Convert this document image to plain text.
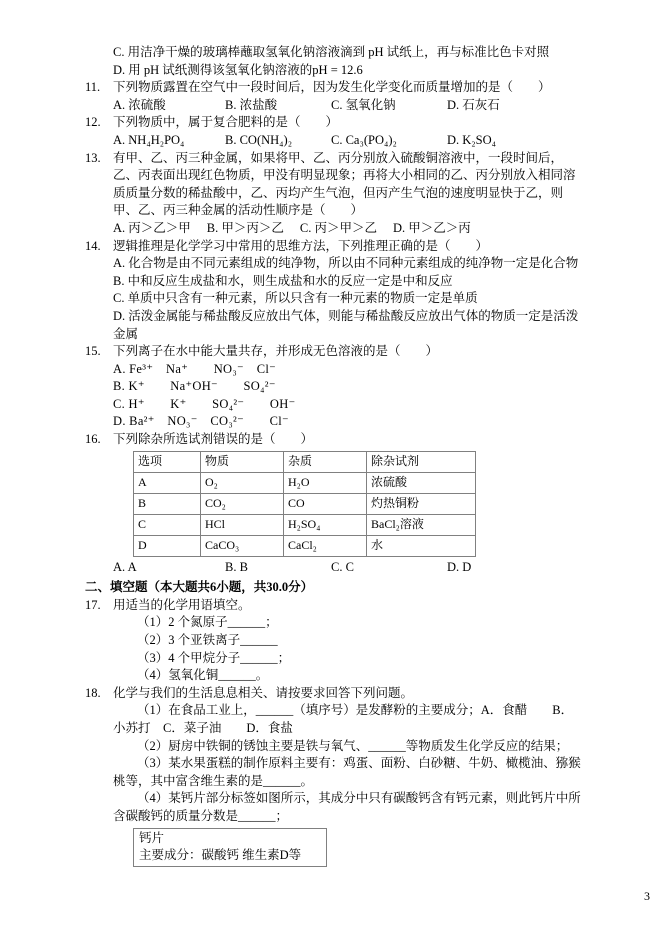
C. 用洁净干燥的玻璃棒蘸取氢氧化钠溶液滴到 pH 试纸上，再与标准比色卡对照
D. 用 pH 试纸测得该氢氧化钠溶液的pH = 12.6
11.	下列物质露置在空气中一段时间后，因为发生化学变化而质量增加的是（　　）
A. 浓硫酸	B. 浓盐酸	C. 氢氧化钠	D. 石灰石
12. 下列物质中，属于复合肥料的是（　　）
A. NH₄H₂PO₄	B. CO(NH₄)₂	C. Ca₃(PO₄)₂	D. K₂SO₄
13. 有甲、乙、丙三种金属，如果将甲、乙、丙分别放入硫酸铜溶液中，一段时间后，乙、丙表面出现红色物质，甲没有明显现象；再将大小相同的乙、丙分别放入相同溶质质量分数的稀盐酸中，乙、丙均产生气泡，但丙产生气泡的速度明显快于乙，则甲、乙、丙三种金属的活动性顺序是（　　）
A. 丙＞乙＞甲 B. 甲＞丙＞乙 C. 丙＞甲＞乙 D. 甲＞乙＞丙
14. 逻辑推理是化学学习中常用的思维方法，下列推理正确的是（　　）
A. 化合物是由不同元素组成的纯净物，所以由不同种元素组成的纯净物一定是化合物
B. 中和反应生成盐和水，则生成盐和水的反应一定是中和反应
C. 单质中只含有一种元素，所以只含有一种元素的物质一定是单质
D. 活泼金属能与稀盐酸反应放出气体，则能与稀盐酸反应放出气体的物质一定是活泼金属
15. 下列离子在水中能大量共存，并形成无色溶液的是（　　）
A. Fe³⁺　Na⁺　　NO₃⁻　Cl⁻
B. K⁺　　Na⁺OH⁻　　SO₄²⁻
C. H⁺　　K⁺　　SO₄²⁻　　OH⁻
D. Ba²⁺　NO₃⁻　CO₃²⁻　　Cl⁻
16. 下列除杂所选试剂错误的是（　　）
选项	物质	杂质	除杂试剂
A	O₂	H₂O	浓硫酸
B	CO₂	CO	灼热铜粉
C	HCl	H₂SO₄	BaCl₂溶液
D	CaCO₃	CaCl₂	水
A. A	B. B	C. C	D. D
二、填空题（本大题共6小题，共30.0分）
17. 用适当的化学用语填空。
（1）2 个氮原子______；
（2）3 个亚铁离子______
（3）4 个甲烷分子______；
（4）氢氧化铜______。
18. 化学与我们的生活息息相关、请按要求回答下列问题。
（1）在食品工业上，______（填序号）是发酵粉的主要成分；A．食醋　　B．小苏打　C．菜子油　　D．食盐
（2）厨房中铁铜的锈蚀主要是铁与氧气、______等物质发生化学反应的结果；
（3）某水果蛋糕的制作原料主要有：鸡蛋、面粉、白砂糖、牛奶、橄榄油、猕猴桃等，其中富含维生素的是______。
（4）某钙片部分标签如图所示，其成分中只有碳酸钙含有钙元素，则此钙片中所含碳酸钙的质量分数是______；
钙片
主要成分：碳酸钙 维生素D等
3
